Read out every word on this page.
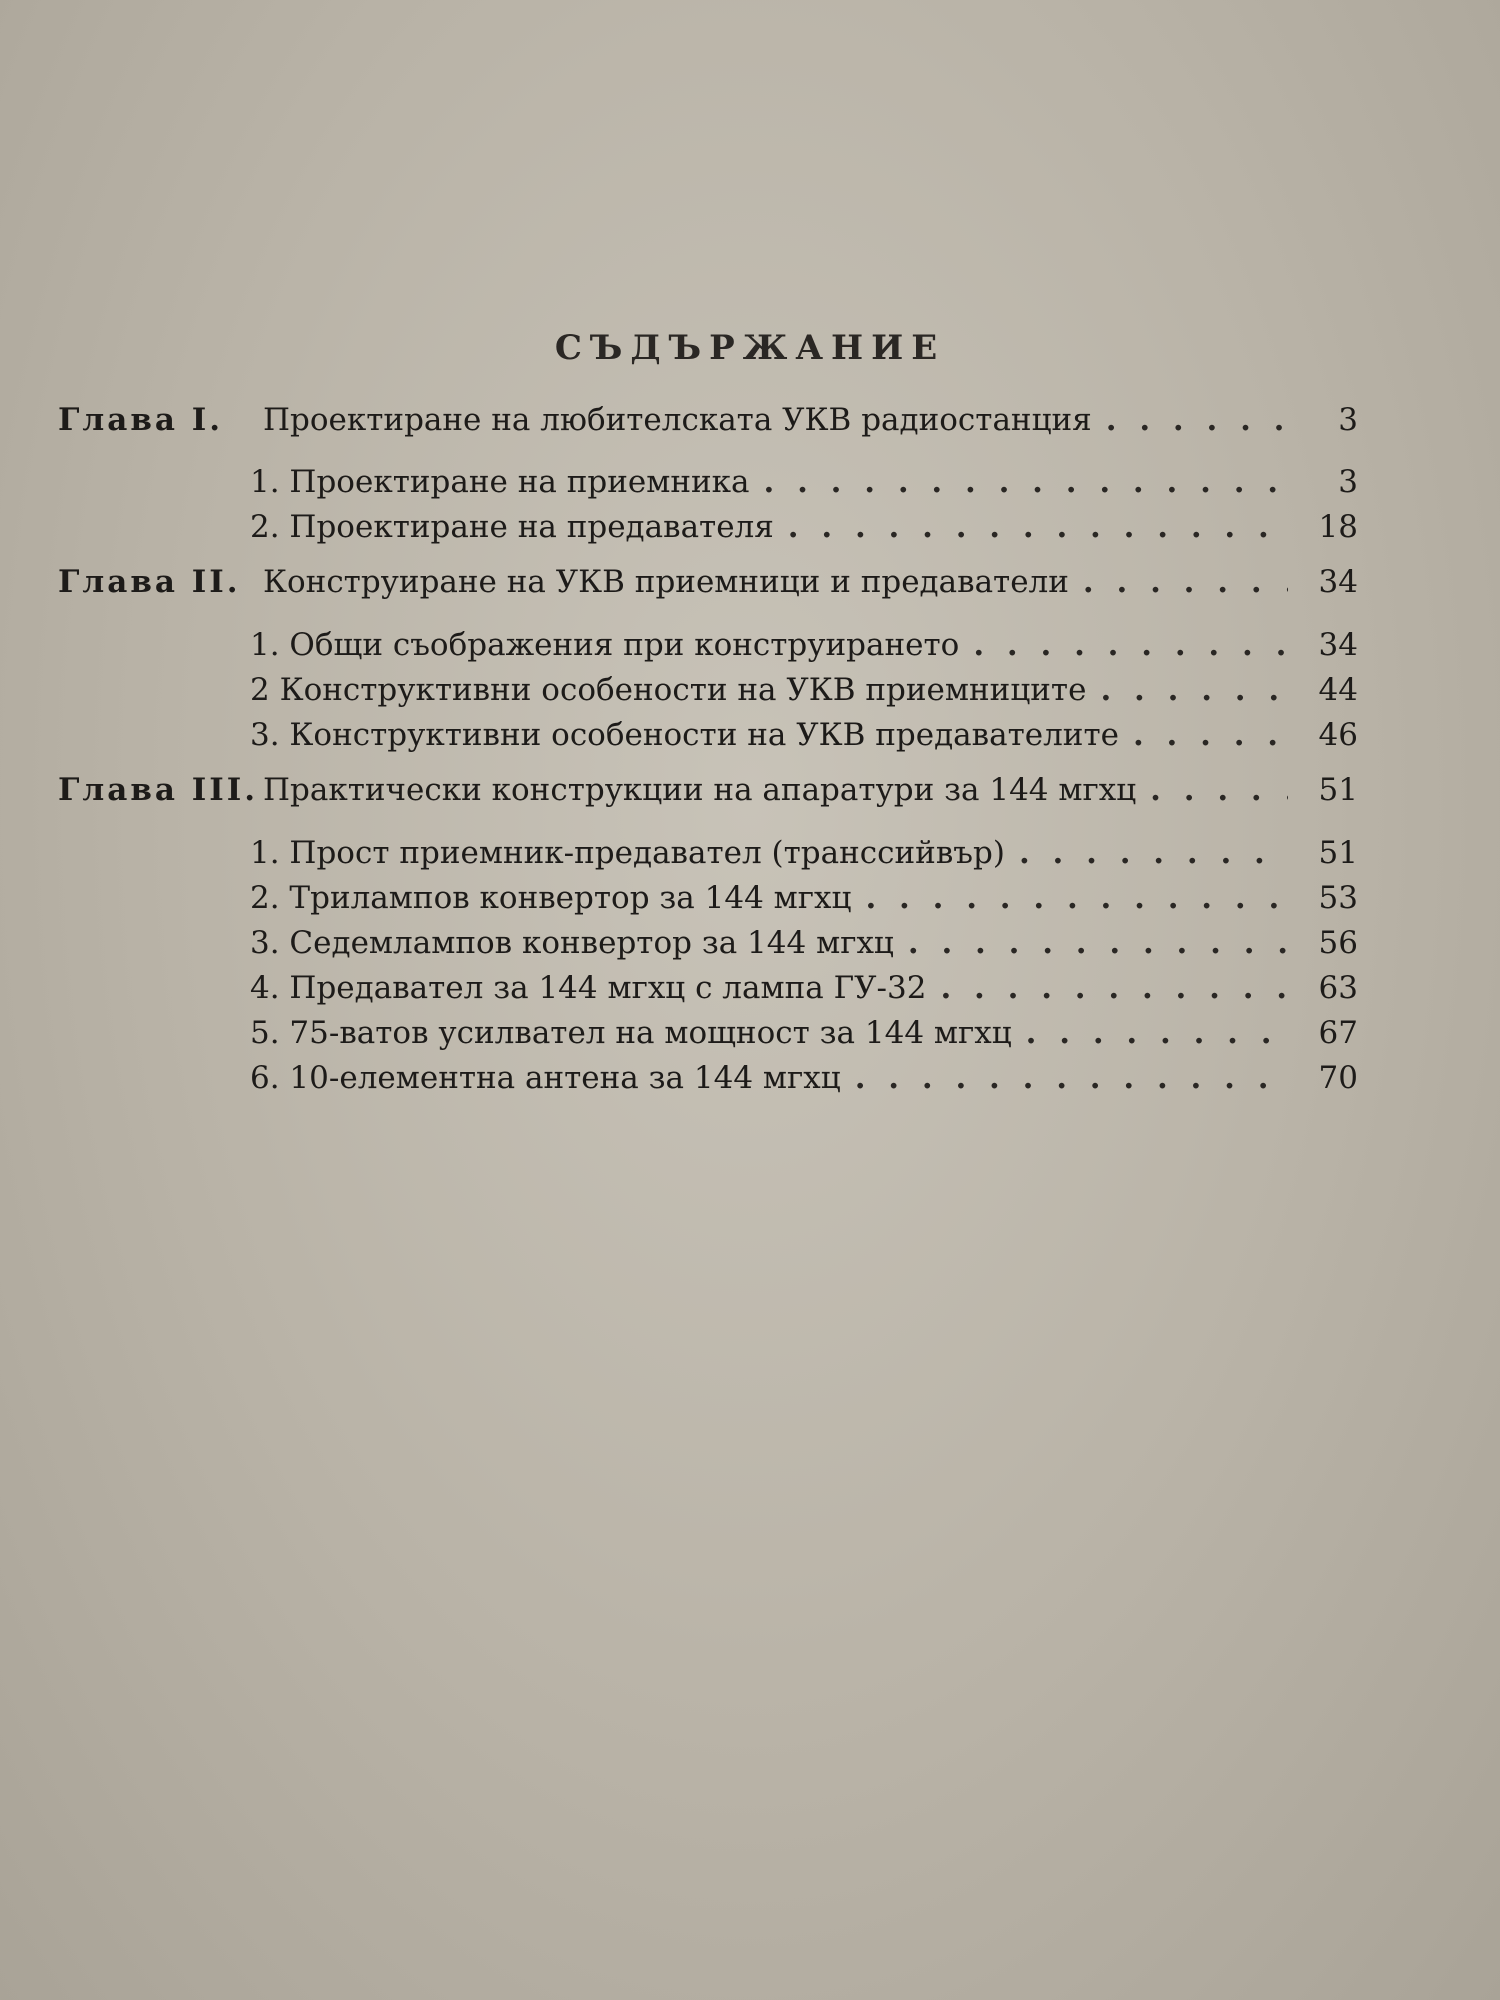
СЪДЪРЖАНИЕ
Глава I.	Проектиране на любителската УКВ радиостанция . . .	3
1. Проектиране на приемника . . .	3
2. Проектиране на предавателя . . .	18
Глава II. Конструиране на УКВ приемници и предаватели . . .	34
1. Общи съображения при конструирането . . .	34
2 Конструктивни особености на УКВ приемниците . . .	44
3. Конструктивни особености на УКВ предавателите . . .	46
Глава III. Практически конструкции на апаратури за 144 мгхц . . .	51
1. Прост приемник-предавател (транссийвър) . . .	51
2. Трилампов конвертор за 144 мгхц . . .	53
3. Седемлампов конвертор за 144 мгхц . . .	56
4. Предавател за 144 мгхц с лампа ГУ-32 . . .	63
5. 75-ватов усилвател на мощност за 144 мгхц . . .	67
6. 10-елементна антена за 144 мгхц . . .	70
